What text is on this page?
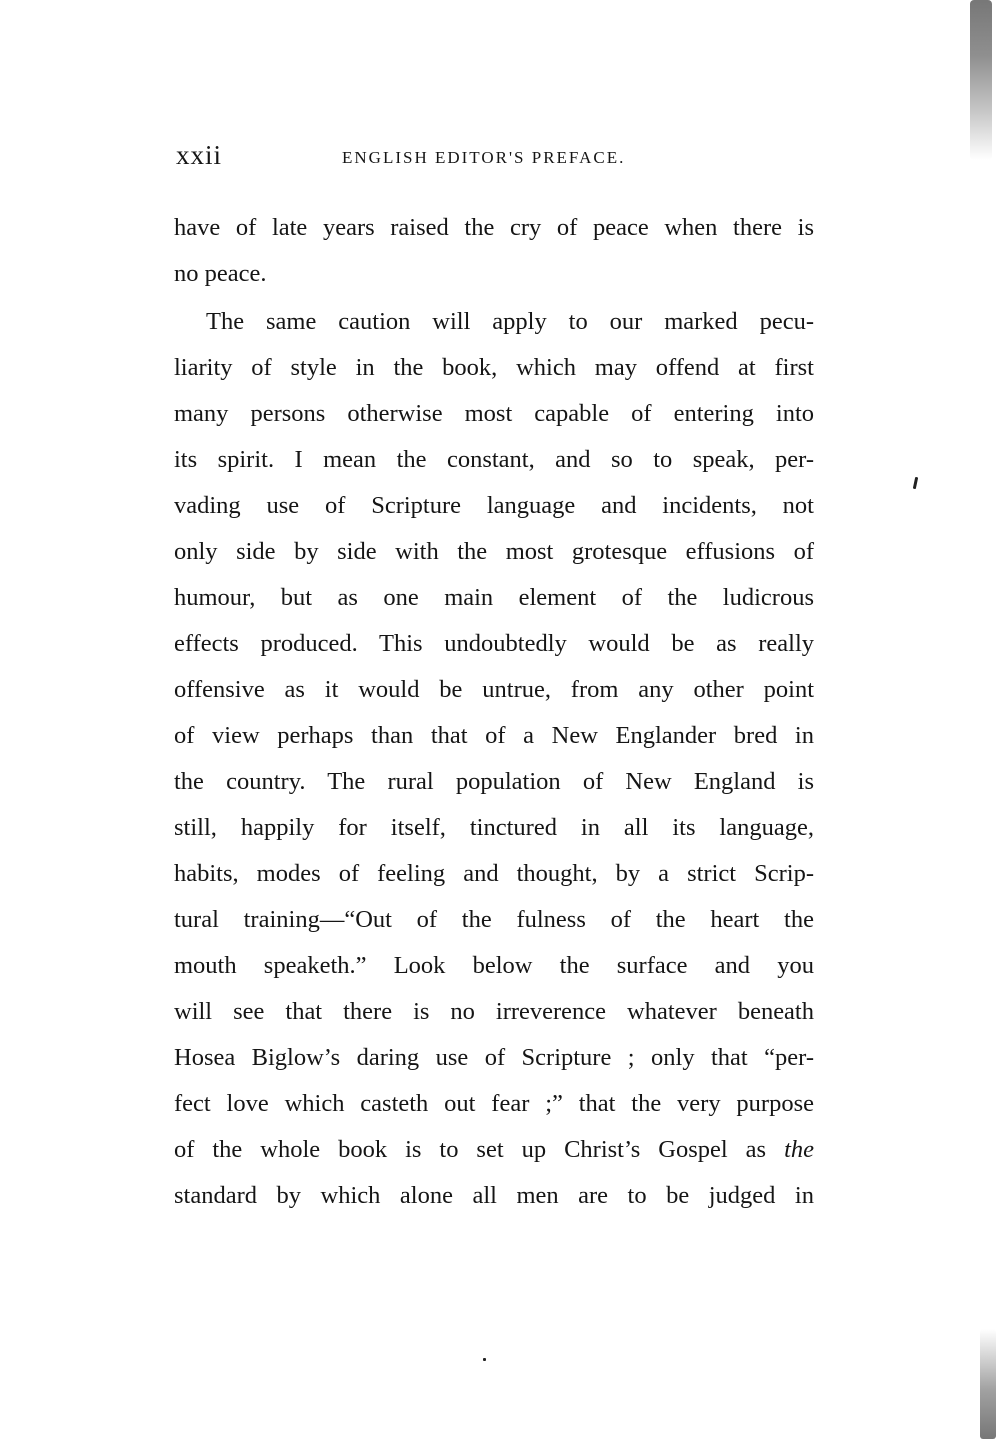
xxii	ENGLISH EDITOR'S PREFACE.
have of late years raised the cry of peace when there is
no peace.
The same caution will apply to our marked pecu-
liarity of style in the book, which may offend at first
many persons otherwise most capable of entering into
its spirit. I mean the constant, and so to speak, per-
vading use of Scripture language and incidents, not
only side by side with the most grotesque effusions of
humour, but as one main element of the ludicrous
effects produced. This undoubtedly would be as really
offensive as it would be untrue, from any other point
of view perhaps than that of a New Englander bred in
the country. The rural population of New England is
still, happily for itself, tinctured in all its language,
habits, modes of feeling and thought, by a strict Scrip-
tural training—“Out of the fulness of the heart the
mouth speaketh.” Look below the surface and you
will see that there is no irreverence whatever beneath
Hosea Biglow’s daring use of Scripture ; only that “per-
fect love which casteth out fear ;” that the very purpose
of the whole book is to set up Christ’s Gospel as the
standard by which alone all men are to be judged in
